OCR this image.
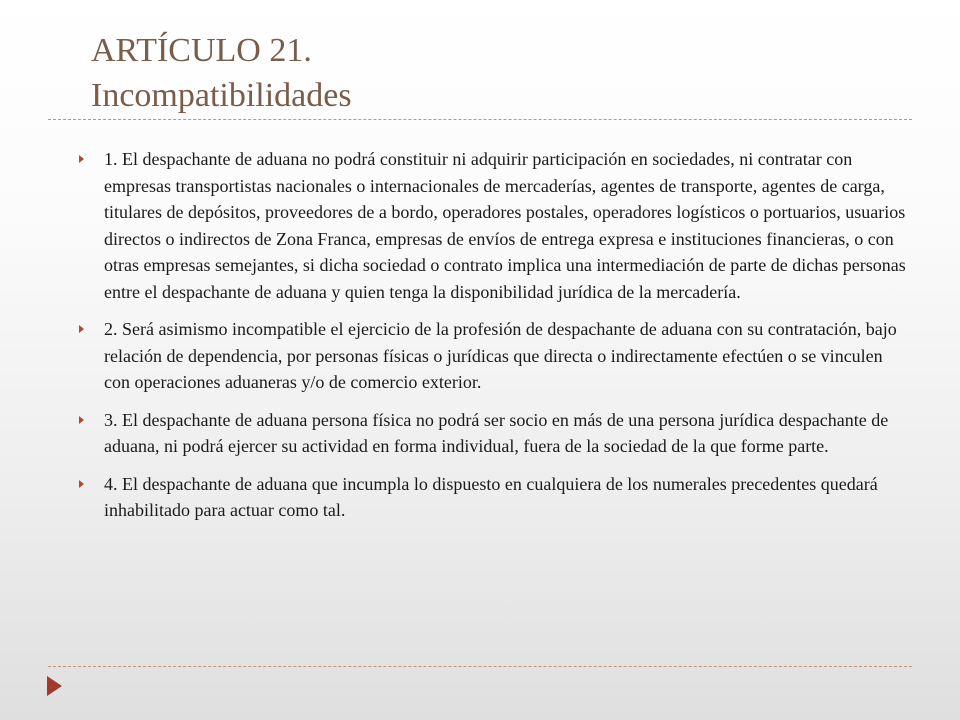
ARTÍCULO 21.
Incompatibilidades
1. El despachante de aduana no podrá constituir ni adquirir participación en sociedades, ni contratar con empresas transportistas nacionales o internacionales de mercaderías, agentes de transporte, agentes de carga, titulares de depósitos, proveedores de a bordo, operadores postales, operadores logísticos o portuarios, usuarios directos o indirectos de Zona Franca, empresas de envíos de entrega expresa e instituciones financieras, o con otras empresas semejantes, si dicha sociedad o contrato implica una intermediación de parte de dichas personas entre el despachante de aduana y quien tenga la disponibilidad jurídica de la mercadería.
2. Será asimismo incompatible el ejercicio de la profesión de despachante de aduana con su contratación, bajo relación de dependencia, por personas físicas o jurídicas que directa o indirectamente efectúen o se vinculen con operaciones aduaneras y/o de comercio exterior.
3. El despachante de aduana persona física no podrá ser socio en más de una persona jurídica despachante de aduana, ni podrá ejercer su actividad en forma individual, fuera de la sociedad de la que forme parte.
4. El despachante de aduana que incumpla lo dispuesto en cualquiera de los numerales precedentes quedará inhabilitado para actuar como tal.
